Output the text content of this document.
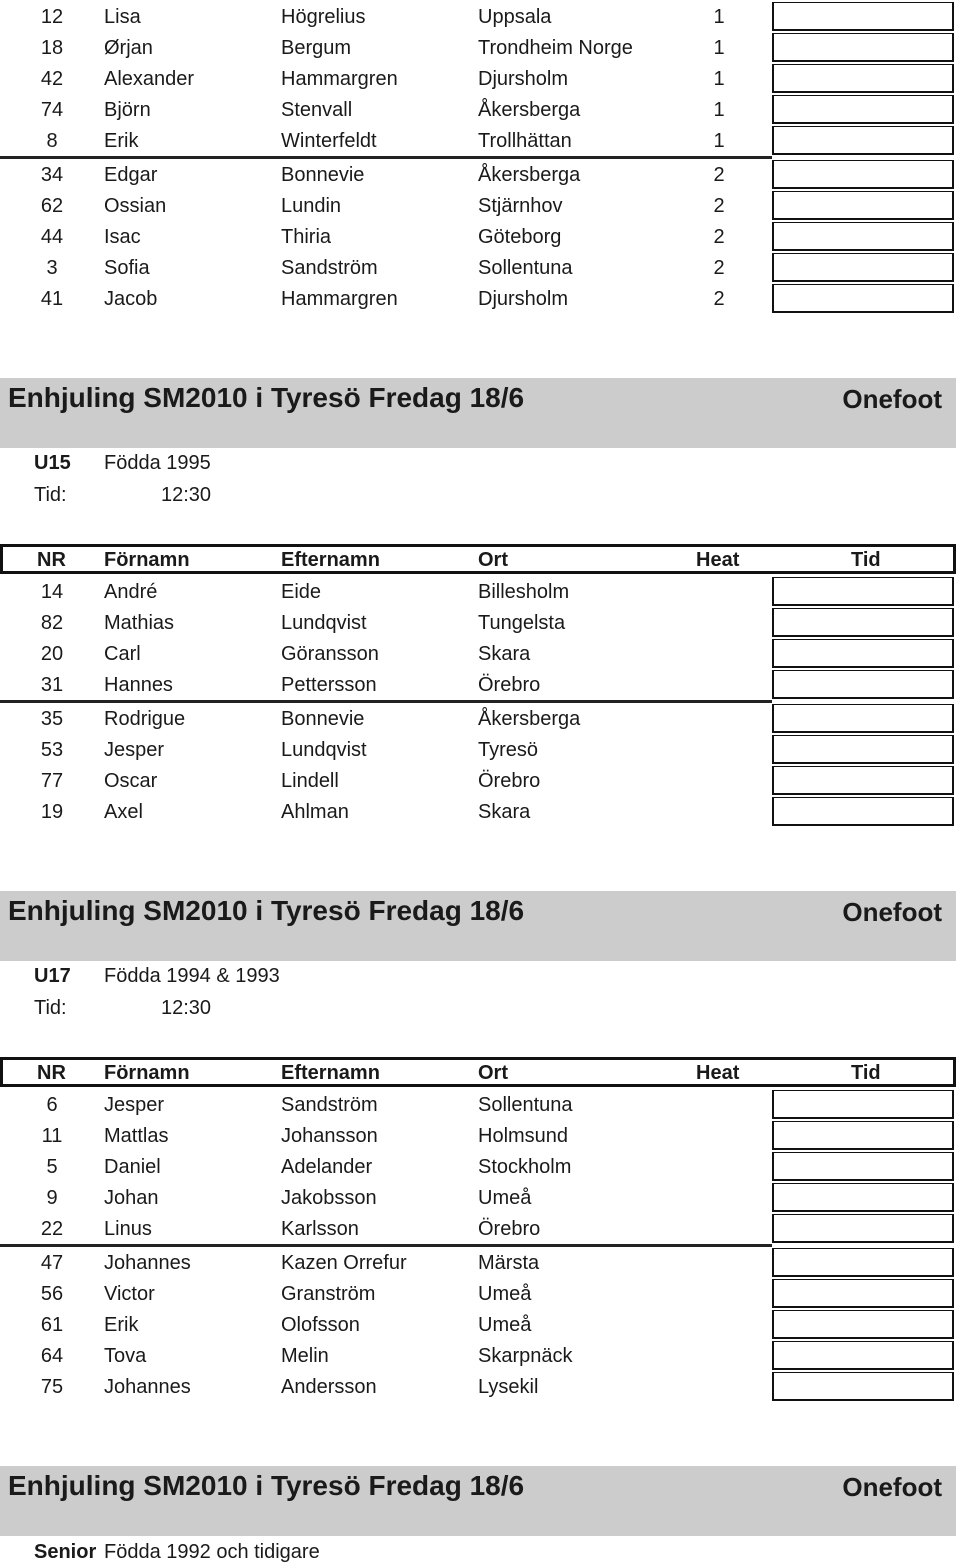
12 Lisa	Högrelius	Uppsala	1
18 Ørjan	Bergum	Trondheim Norge	1
42 Alexander	Hammargren	Djursholm	1
74 Björn	Stenvall	Åkersberga	1
8	Erik	Winterfeldt	Trollhättan	1
34 Edgar	Bonnevie	Åkersberga	2
62 Ossian	Lundin	Stjärnhov	2
44 Isac	Thiria	Göteborg	2
3	Sofia	Sandström	Sollentuna	2
41 Jacob	Hammargren	Djursholm	2
Enhjuling SM2010 i Tyresö Fredag 18/6	Onefoot
U15 Födda 1995
Tid:	12:30
NR Förnamn	Efternamn	Ort	Heat	Tid
14 André	Eide	Billesholm
82 Mathias	Lundqvist	Tungelsta
20 Carl	Göransson	Skara
31 Hannes	Pettersson	Örebro
35 Rodrigue	Bonnevie	Åkersberga
53 Jesper	Lundqvist	Tyresö
77 Oscar	Lindell	Örebro
19 Axel	Ahlman	Skara
Enhjuling SM2010 i Tyresö Fredag 18/6	Onefoot
U17 Födda 1994 & 1993
Tid:	12:30
NR Förnamn	Efternamn	Ort	Heat	Tid
6	Jesper	Sandström	Sollentuna
11 Mattlas	Johansson	Holmsund
5	Daniel	Adelander	Stockholm
9	Johan	Jakobsson	Umeå
22 Linus	Karlsson	Örebro
47 Johannes	Kazen Orrefur	Märsta
56 Victor	Granström	Umeå
61 Erik	Olofsson	Umeå
64 Tova	Melin	Skarpnäck
75 Johannes	Andersson	Lysekil
Enhjuling SM2010 i Tyresö Fredag 18/6	Onefoot
Senior Födda 1992 och tidigare
